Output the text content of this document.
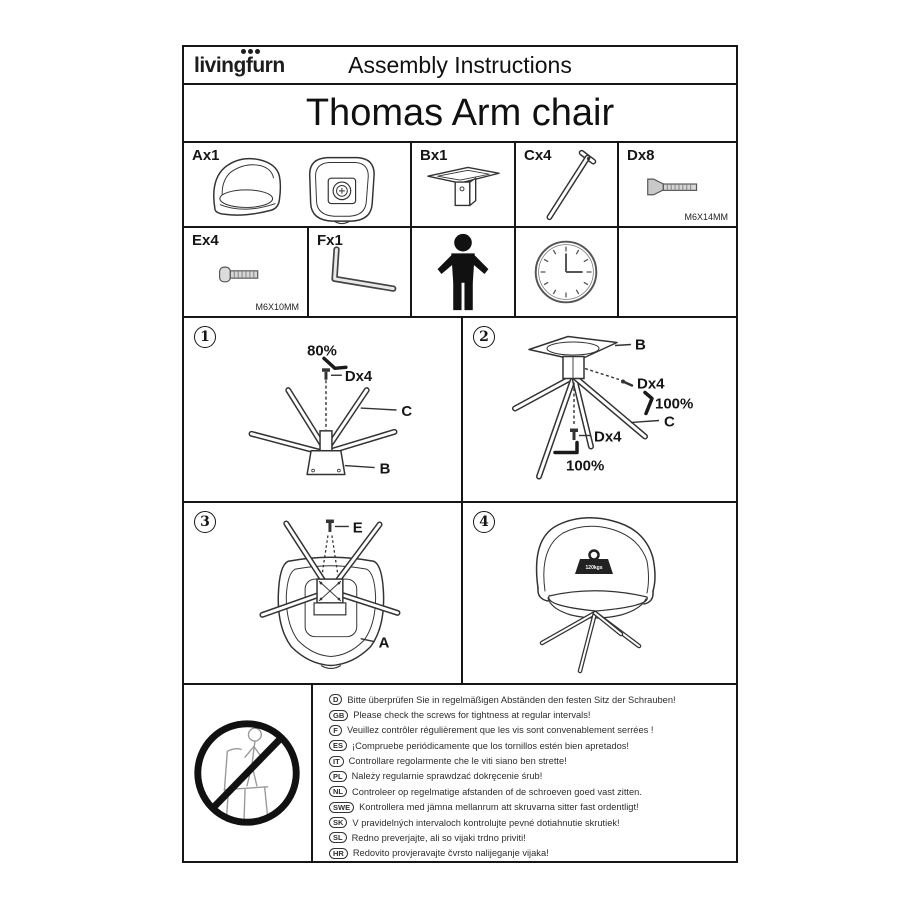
Assembly Instructions
livingfurn
Thomas Arm chair
Ax1	Bx1	Cx4	Dx8
M6X14MM
Ex4
M6X10MM
Fx1
1
80%
Dx4
C
B
2	B
Dx4
100%
C
Dx4
100%
3	E
A
4
120kgs
D Bitte überprüfen Sie in regelmäßigen Abständen den festen Sitz der Schrauben!
GB Please check the screws for tightness at regular intervals!
F Veuillez contrôler régulièrement que les vis sont convenablement serrées !
ES ¡Compruebe periódicamente que los tornillos estén bien apretados!
IT Controllare regolarmente che le viti siano ben strette!
PL Należy regularnie sprawdzać dokręcenie śrub!
NL Controleer op regelmatige afstanden of de schroeven goed vast zitten.
SWE Kontrollera med jämna mellanrum att skruvarna sitter fast ordentligt!
SK V pravidelných intervaloch kontrolujte pevné dotiahnutie skrutiek!
SL Redno preverjajte, ali so vijaki trdno priviti!
HR Redovito provjeravajte čvrsto nalijeganje vijaka!
